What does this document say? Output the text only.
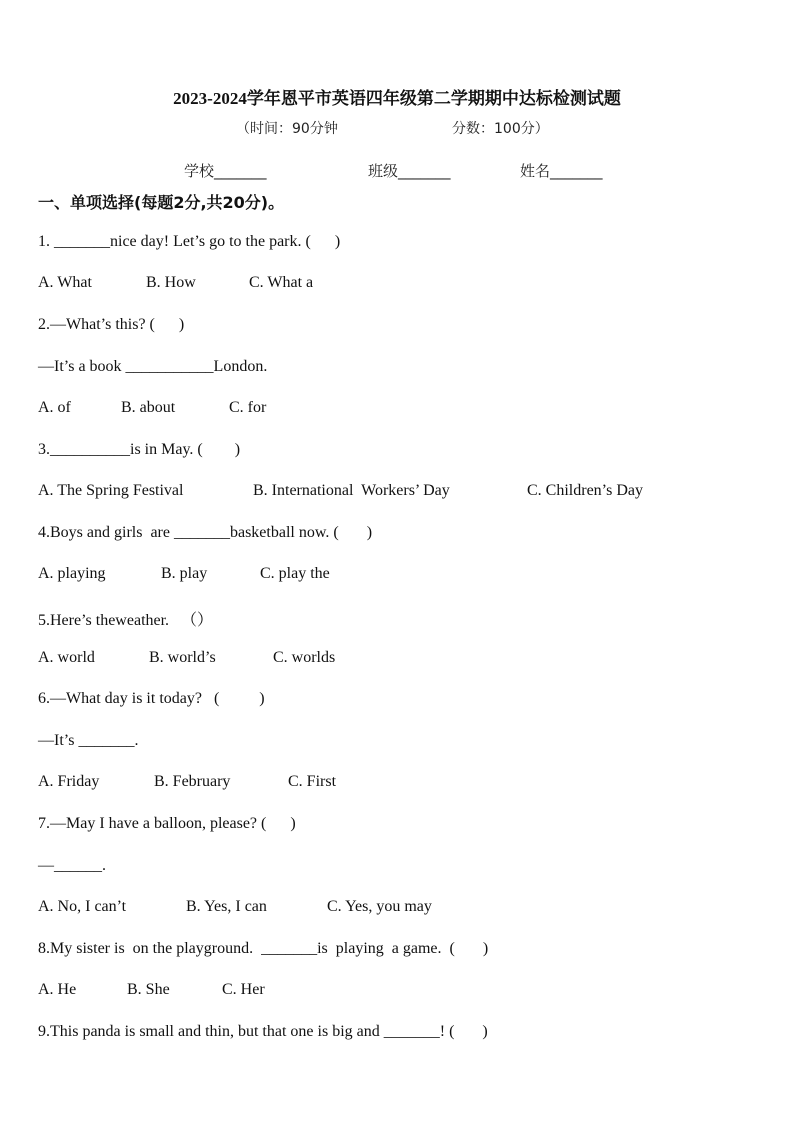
2023-2024学年恩平市英语四年级第二学期期中达标检测试题
（时间：90分钟	分数：100分）
学校_______	班级_______	姓名_______
一、单项选择(每题2分,共20分)。
1. _______nice day! Let’s go to the park. (      )
A. What	B. How	C. What a
2.—What’s this? (      )
—It’s a book ___________London.
A. of	B. about	C. for
3.__________is in May. (        )
A. The Spring Festival	B. International  Workers’ Day	C. Children’s Day
4.Boys and girls  are _______basketball now. (       )
A. playing	B. play	C. play the
5.Here’s theweather.   （）
A. world	B. world’s	C. worlds
6.—What day is it today?   (          )
—It’s _______.
A. Friday	B. February	C. First
7.—May I have a balloon, please? (      )
—______.
A. No, I can’t	B. Yes, I can	C. Yes, you may
8.My sister is  on the playground.  _______is  playing  a game.  (       )
A. He	B. She	C. Her
9.This panda is small and thin, but that one is big and _______! (       )
